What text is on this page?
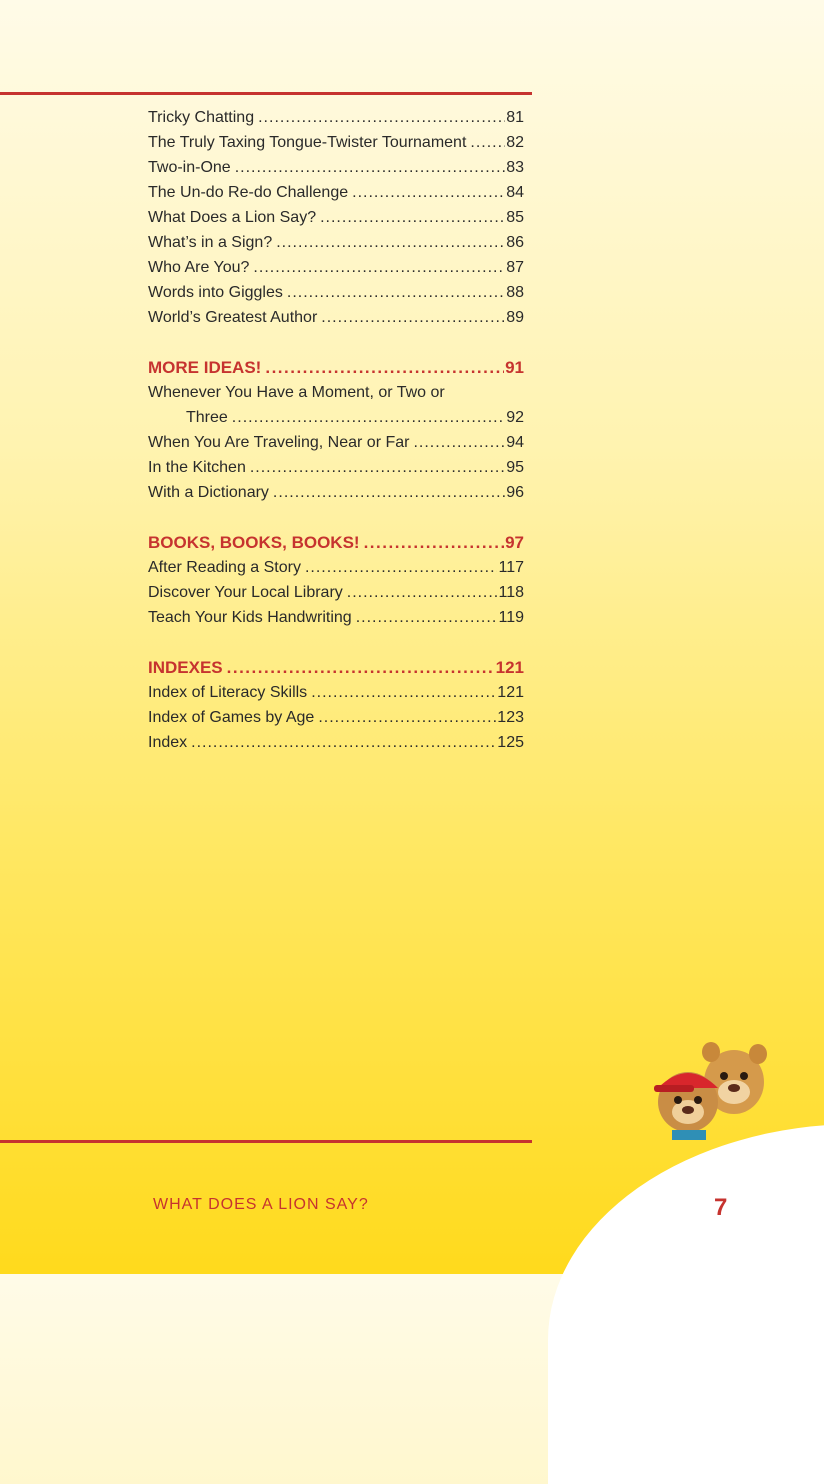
Tricky Chatting .....	81
The Truly Taxing Tongue-Twister Tournament ..... 82
Two-in-One .....	83
The Un-do Re-do Challenge .....	84
What Does a Lion Say? .....	85
What’s in a Sign? .....	86
Who Are You? .....	87
Words into Giggles .....	88
World’s Greatest Author .....	89
MORE IDEAS! .....	91
Whenever You Have a Moment, or Two or
Three .....	92
When You Are Traveling, Near or Far .....	94
In the Kitchen .....	95
With a Dictionary .....	96
BOOKS, BOOKS, BOOKS! .....	97
After Reading a Story .....	117
Discover Your Local Library .....	118
Teach Your Kids Handwriting .....	119
INDEXES .....	121
Index of Literacy Skills .....	121
Index of Games by Age .....	123
Index .....	125
WHAT DOES A LION SAY?	7
